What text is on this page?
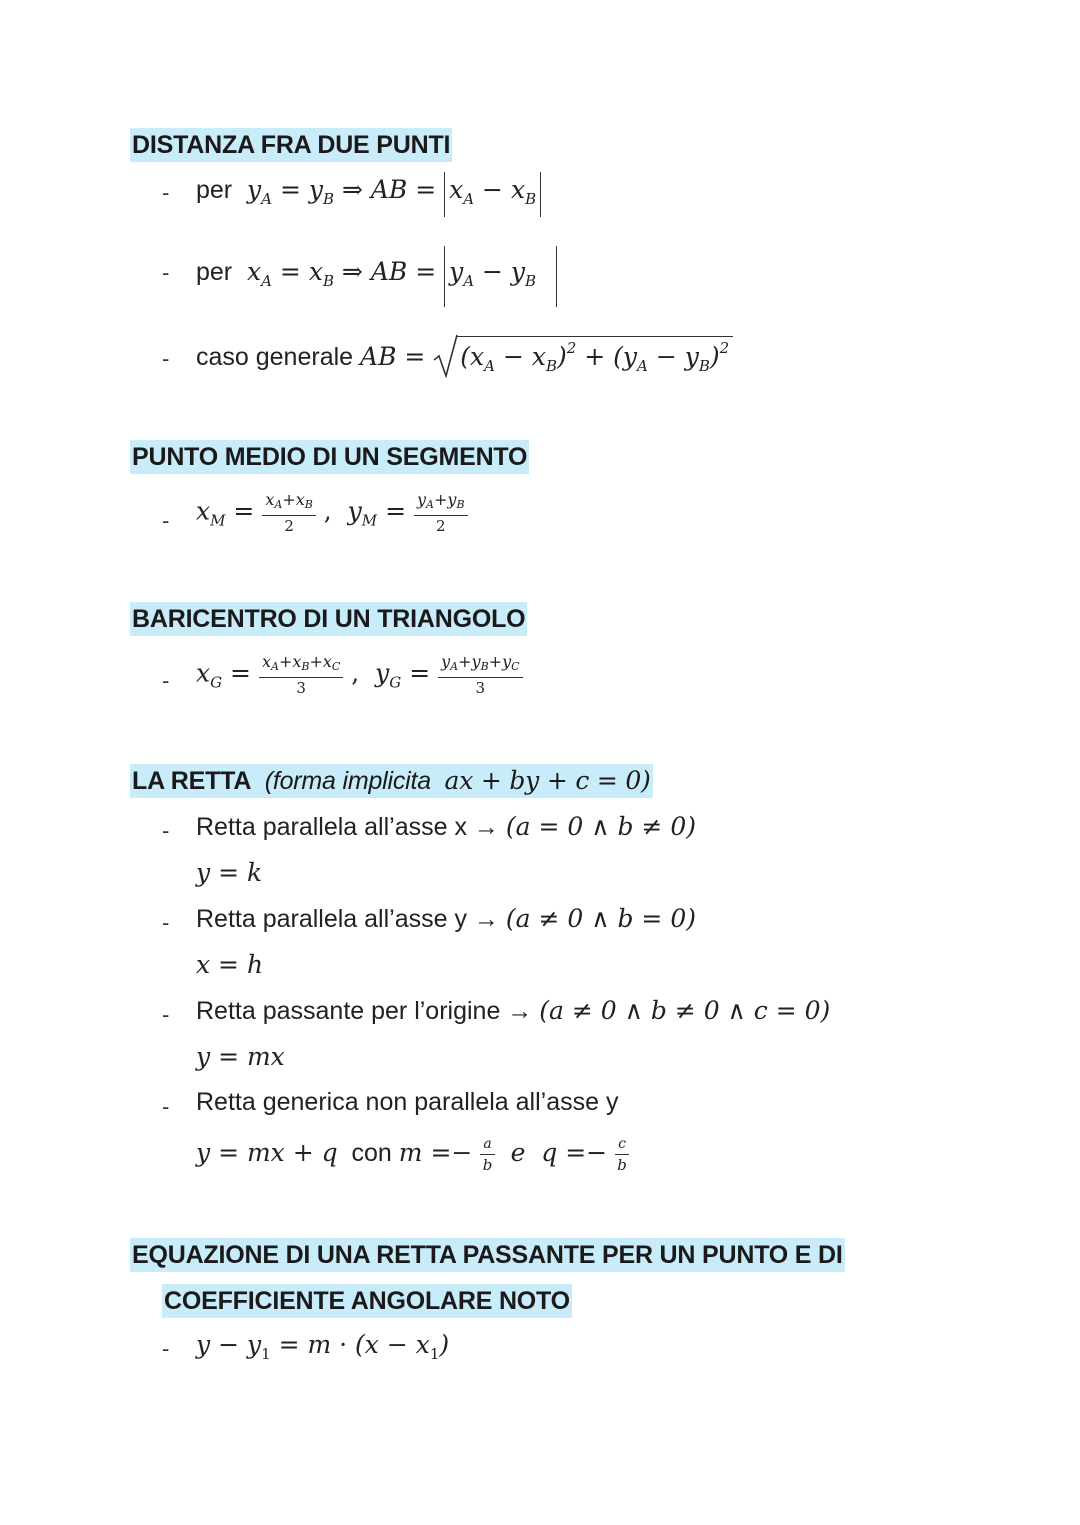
DISTANZA FRA DUE PUNTI
- per  $y_A = y_B$ ⇒ AB = $x_A - x_B$
- per  $x_A = x_B$ ⇒ AB = $y_A - y_B$
- caso generale AB = $(x_A - x_B)^2 + (y_A - y_B)^2$
PUNTO MEDIO DI UN SEGMENTO
- $x_M = \frac{x_A+x_B}{2}$ ,  $y_M = \frac{y_A+y_B}{2}$
BARICENTRO DI UN TRIANGOLO
- $x_G = \frac{x_A+x_B+x_C}{3}$ ,  $y_G = \frac{y_A+y_B+y_C}{3}$
LA RETTA (forma implicita ax + by + c = 0)
- Retta parallela all’asse x → (a = 0 ∧ b ≠ 0)
y = k
- Retta parallela all’asse y → (a ≠ 0 ∧ b = 0)
x = h
- Retta passante per l’origine → (a ≠ 0 ∧ b ≠ 0 ∧ c = 0)
y = mx
- Retta generica non parallela all’asse y
y = mx + q con $m =- \frac{a}{b}$ e  $q =- \frac{c}{b}$
EQUAZIONE DI UNA RETTA PASSANTE PER UN PUNTO E DI
COEFFICIENTE ANGOLARE NOTO
- $y - y_1 = m \cdot (x - x_1)$
